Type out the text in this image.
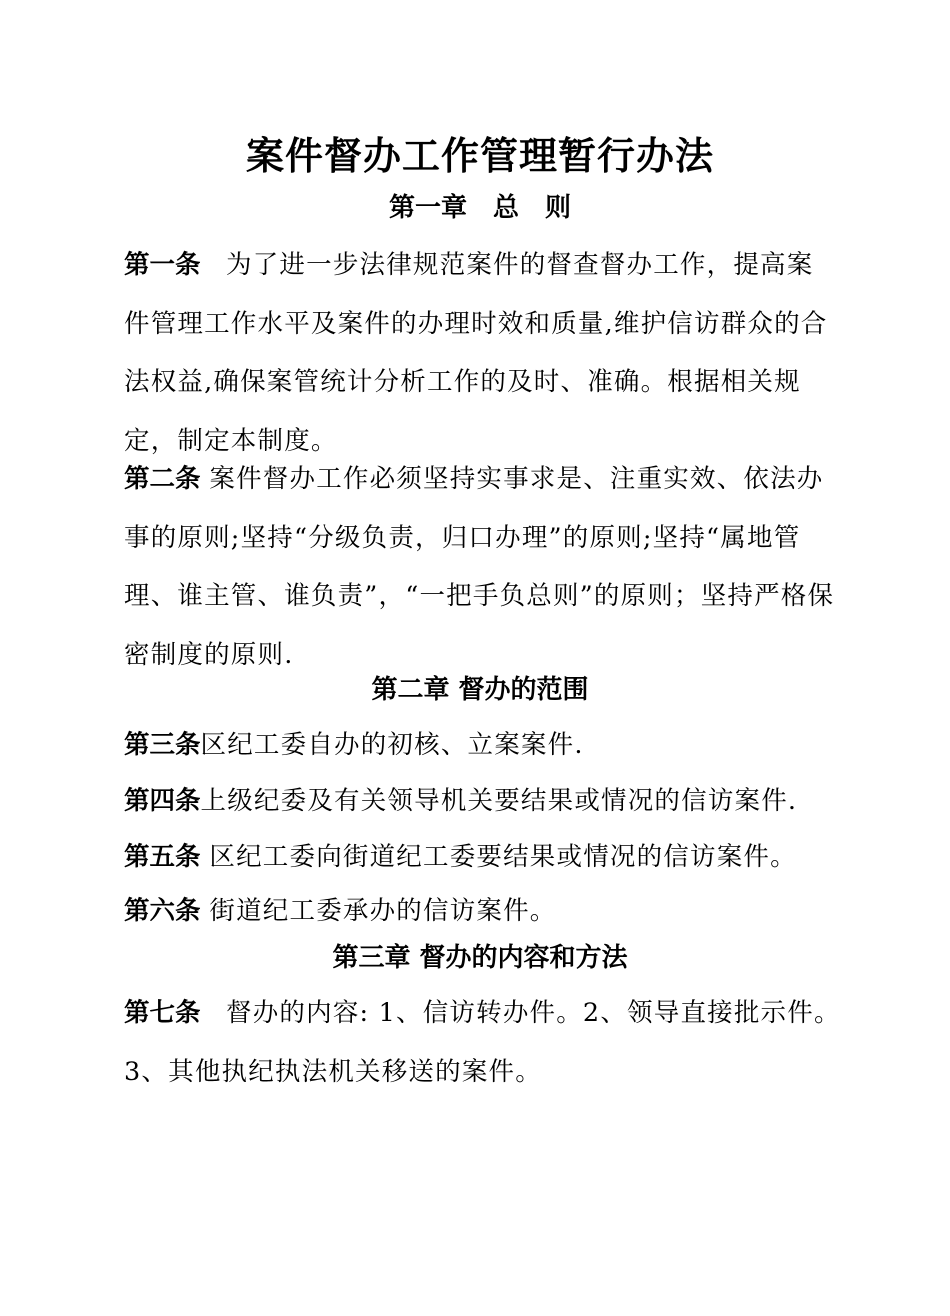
案件督办工作管理暂行办法
第一章　总　则

第一条　为了进一步法律规范案件的督查督办工作，提高案件管理工作水平及案件的办理时效和质量,维护信访群众的合法权益,确保案管统计分析工作的及时、准确。根据相关规定，制定本制度。

第二条 案件督办工作必须坚持实事求是、注重实效、依法办事的原则;坚持“分级负责，归口办理”的原则;坚持“属地管理、谁主管、谁负责”，“一把手负总则”的原则；坚持严格保密制度的原则.

第二章 督办的范围

第三条区纪工委自办的初核、立案案件.

第四条上级纪委及有关领导机关要结果或情况的信访案件.

第五条 区纪工委向街道纪工委要结果或情况的信访案件。

第六条 街道纪工委承办的信访案件。

第三章 督办的内容和方法

第七条　督办的内容: 1、信访转办件。2、领导直接批示件。3、其他执纪执法机关移送的案件。
